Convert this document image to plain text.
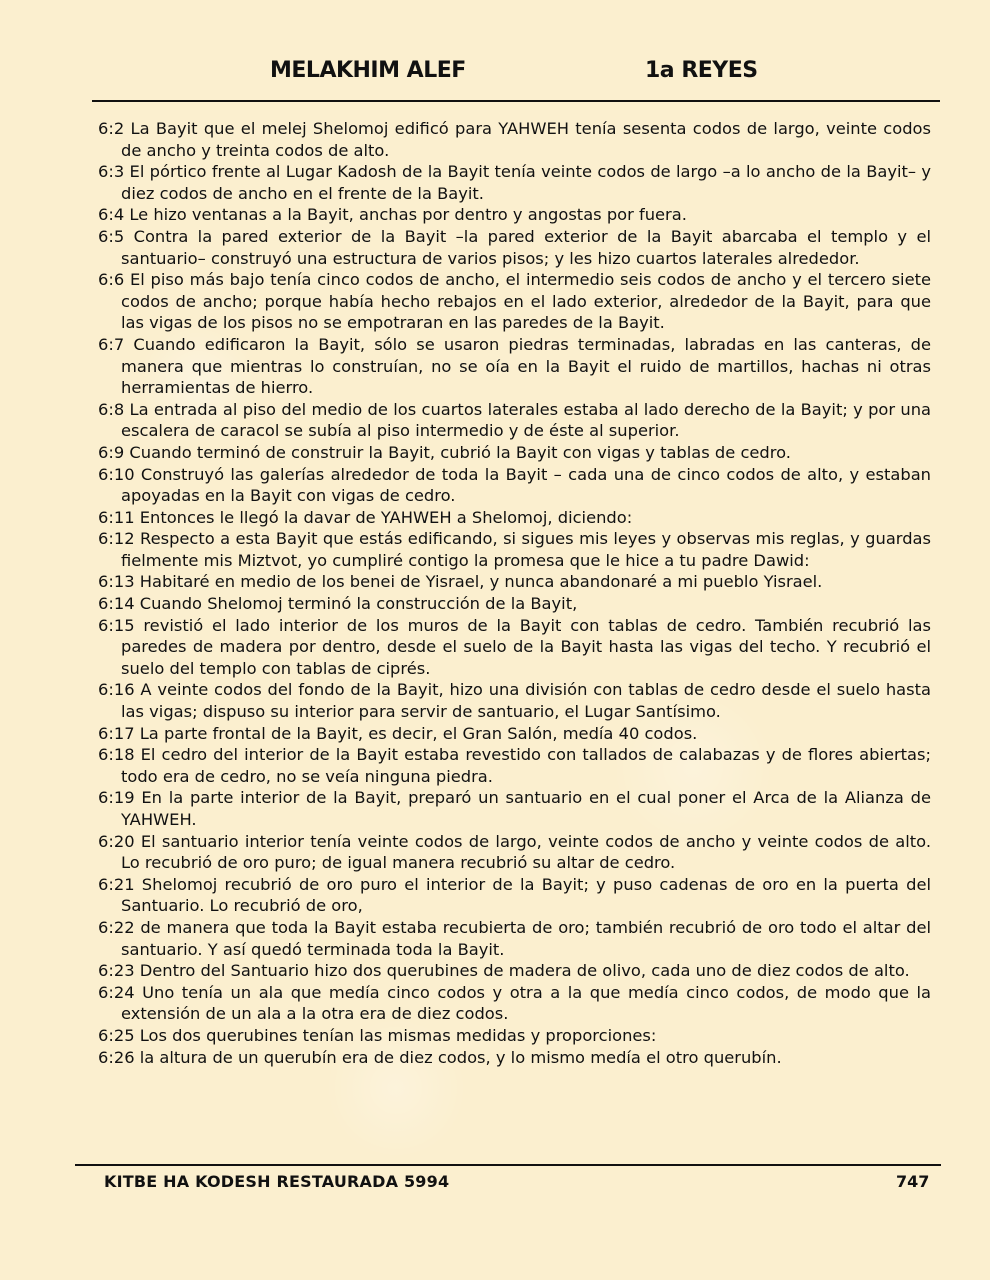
MELAKHIM ALEF	1a REYES

6:2 La Bayit que el melej Shelomoj edificó para YAHWEH tenía sesenta codos de largo, veinte codos de ancho y treinta codos de alto.

6:3 El pórtico frente al Lugar Kadosh de la Bayit tenía veinte codos de largo –a lo ancho de la Bayit– y diez codos de ancho en el frente de la Bayit.

6:4 Le hizo ventanas a la Bayit, anchas por dentro y angostas por fuera.

6:5 Contra la pared exterior de la Bayit –la pared exterior de la Bayit abarcaba el templo y el santuario– construyó una estructura de varios pisos; y les hizo cuartos laterales alrededor.

6:6 El piso más bajo tenía cinco codos de ancho, el intermedio seis codos de ancho y el tercero siete codos de ancho; porque había hecho rebajos en el lado exterior, alrededor de la Bayit, para que las vigas de los pisos no se empotraran en las paredes de la Bayit.

6:7 Cuando edificaron la Bayit, sólo se usaron piedras terminadas, labradas en las canteras, de manera que mientras lo construían, no se oía en la Bayit el ruido de martillos, hachas ni otras herramientas de hierro.

6:8 La entrada al piso del medio de los cuartos laterales estaba al lado derecho de la Bayit; y por una escalera de caracol se subía al piso intermedio y de éste al superior.

6:9 Cuando terminó de construir la Bayit, cubrió la Bayit con vigas y tablas de cedro.

6:10 Construyó las galerías alrededor de toda la Bayit – cada una de cinco codos de alto, y estaban apoyadas en la Bayit con vigas de cedro.

6:11 Entonces le llegó la davar de YAHWEH a Shelomoj, diciendo:

6:12 Respecto a esta Bayit que estás edificando, si sigues mis leyes y observas mis reglas, y guardas fielmente mis Miztvot, yo cumpliré contigo la promesa que le hice a tu padre Dawid:

6:13 Habitaré en medio de los benei de Yisrael, y nunca abandonaré a mi pueblo Yisrael.

6:14 Cuando Shelomoj terminó la construcción de la Bayit,

6:15 revistió el lado interior de los muros de la Bayit con tablas de cedro. También recubrió las paredes de madera por dentro, desde el suelo de la Bayit hasta las vigas del techo. Y recubrió el suelo del templo con tablas de ciprés.

6:16 A veinte codos del fondo de la Bayit, hizo una división con tablas de cedro desde el suelo hasta las vigas; dispuso su interior para servir de santuario, el Lugar Santísimo.

6:17 La parte frontal de la Bayit, es decir, el Gran Salón, medía 40 codos.

6:18 El cedro del interior de la Bayit estaba revestido con tallados de calabazas y de flores abiertas; todo era de cedro, no se veía ninguna piedra.

6:19 En la parte interior de la Bayit, preparó un santuario en el cual poner el Arca de la Alianza de YAHWEH.

6:20 El santuario interior tenía veinte codos de largo, veinte codos de ancho y veinte codos de alto. Lo recubrió de oro puro; de igual manera recubrió su altar de cedro.

6:21 Shelomoj recubrió de oro puro el interior de la Bayit; y puso cadenas de oro en la puerta del Santuario. Lo recubrió de oro,

6:22 de manera que toda la Bayit estaba recubierta de oro; también recubrió de oro todo el altar del santuario. Y así quedó terminada toda la Bayit.

6:23 Dentro del Santuario hizo dos querubines de madera de olivo, cada uno de diez codos de alto.

6:24 Uno tenía un ala que medía cinco codos y otra a la que medía cinco codos, de modo que la extensión de un ala a la otra era de diez codos.

6:25 Los dos querubines tenían las mismas medidas y proporciones:

6:26 la altura de un querubín era de diez codos, y lo mismo medía el otro querubín.

KITBE HA KODESH RESTAURADA 5994	747
